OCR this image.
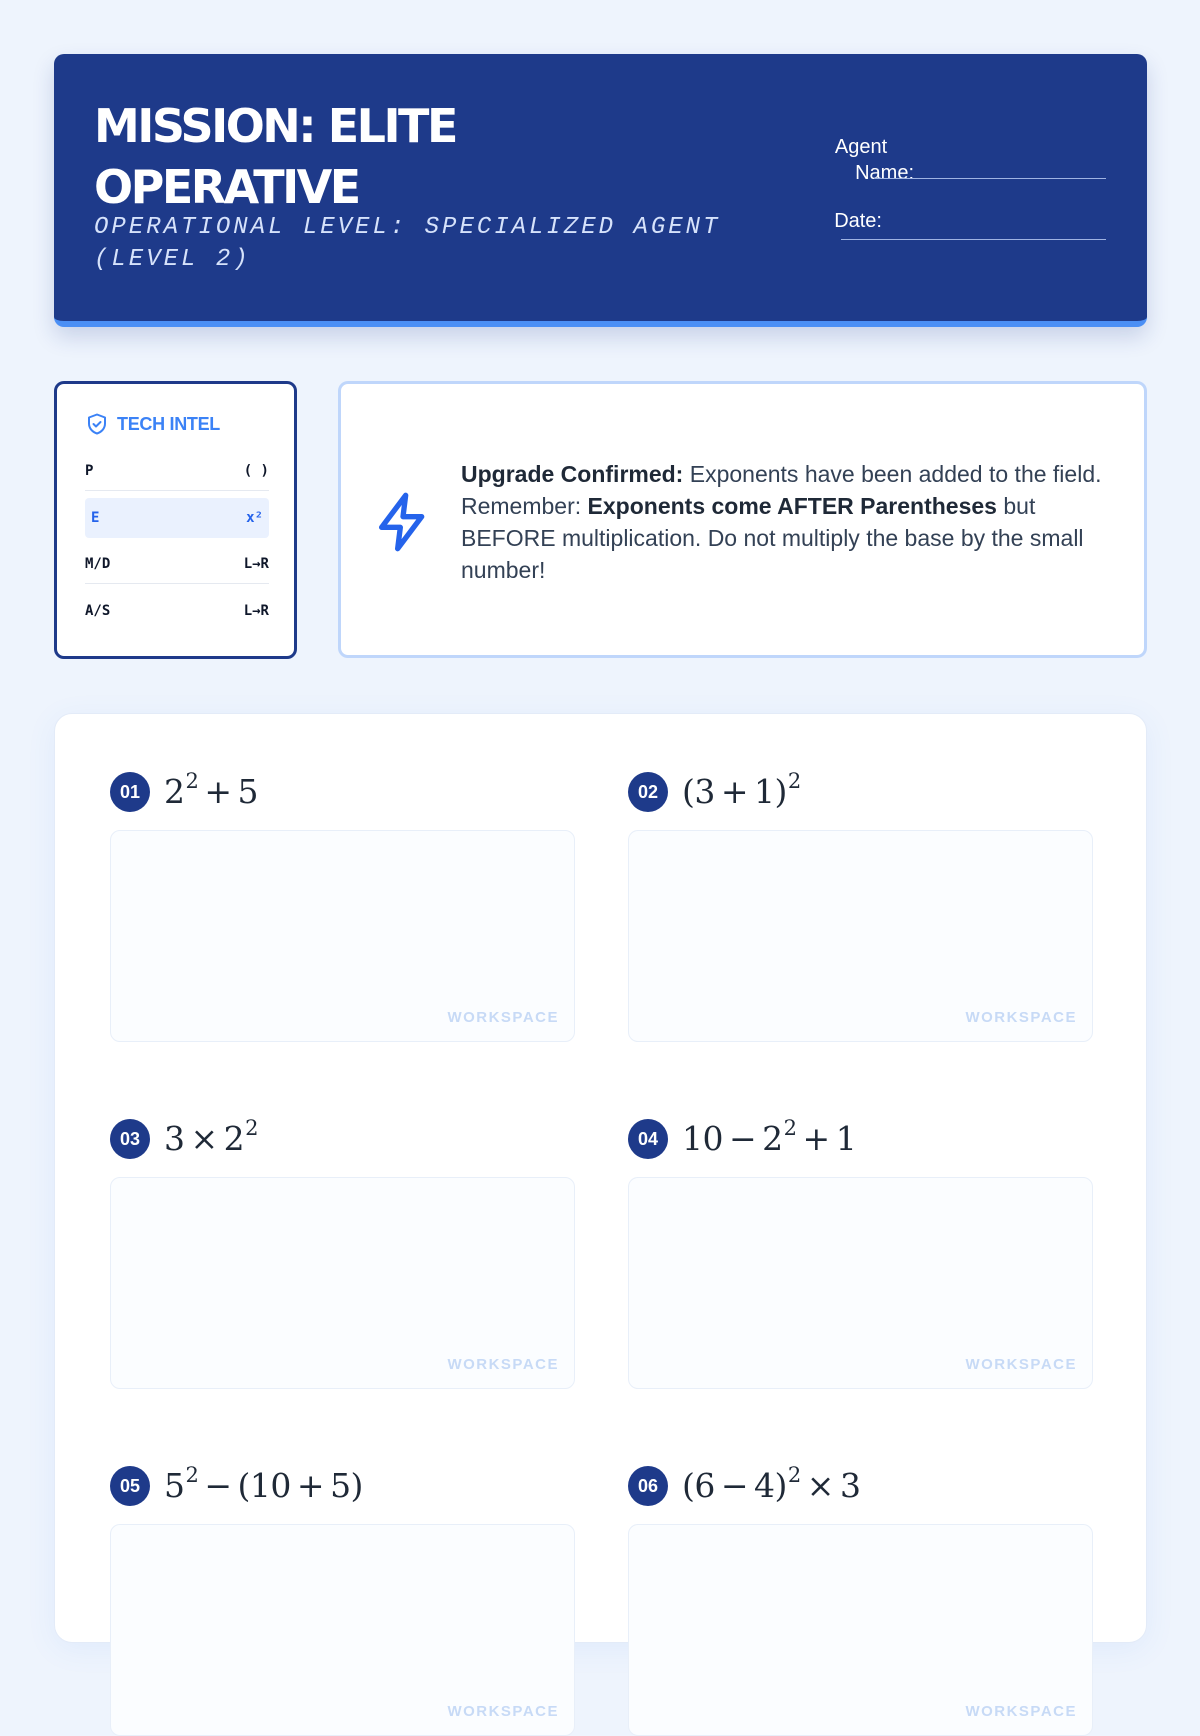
MISSION: ELITE OPERATIVE
OPERATIONAL LEVEL: SPECIALIZED AGENT (LEVEL 2)
Agent
Name:
Date:
TECH INTEL
P	( )
E	x²
M/D	L→R
A/S	L→R
Upgrade Confirmed: Exponents have been added to the field. Remember: Exponents come AFTER Parentheses but BEFORE multiplication. Do not multiply the base by the small number!
01 $2^2 + 5$
WORKSPACE
02 $(3 + 1)^2$
WORKSPACE
03 $3 \times 2^2$
WORKSPACE
04 $10 - 2^2 + 1$
WORKSPACE
05 $5^2 - (10 + 5)$
WORKSPACE
06 $(6 - 4)^2 \times 3$
WORKSPACE
